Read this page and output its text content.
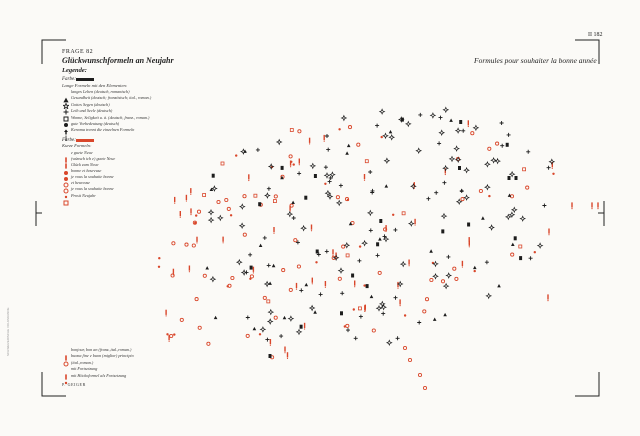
FRAGE 82
Glückwunschformeln an Neujahr	Formules pour souhaiter la bonne année
II 182
Legende:
Farbe:
Lange Formeln mit den Elementen:
langes Leben (deutsch, romanisch)
Gesundheit (deutsch; französisch; ital., roman.)
Gottes Segen (deutsch)
Leib und Seele (deutsch)
Wonne, Seligkeit u. ä. (deutsch, franz., roman.)
gute Vorbedeutung (deutsch)
Kenoma trennt die einzelnen Formeln
Farbe:
Kurze Formeln:
e guete Neue
(wünsch ich e) guete Neue
Glück zum Neue
bonne et heureuse
je vous la souhaite bonne
et heureuse
je vous la souhaite bonne
Prosit Neujahr
bonjour, bon an (franz.,ital.,roman.)
buona fine e buon (miglior) principio
(ital.,roman.)
mit Fortsetzung
mit Höckoformel als Fortsetzung
P. GEIGER
SCHWEIZERISCHE VOLKSKUNDE
